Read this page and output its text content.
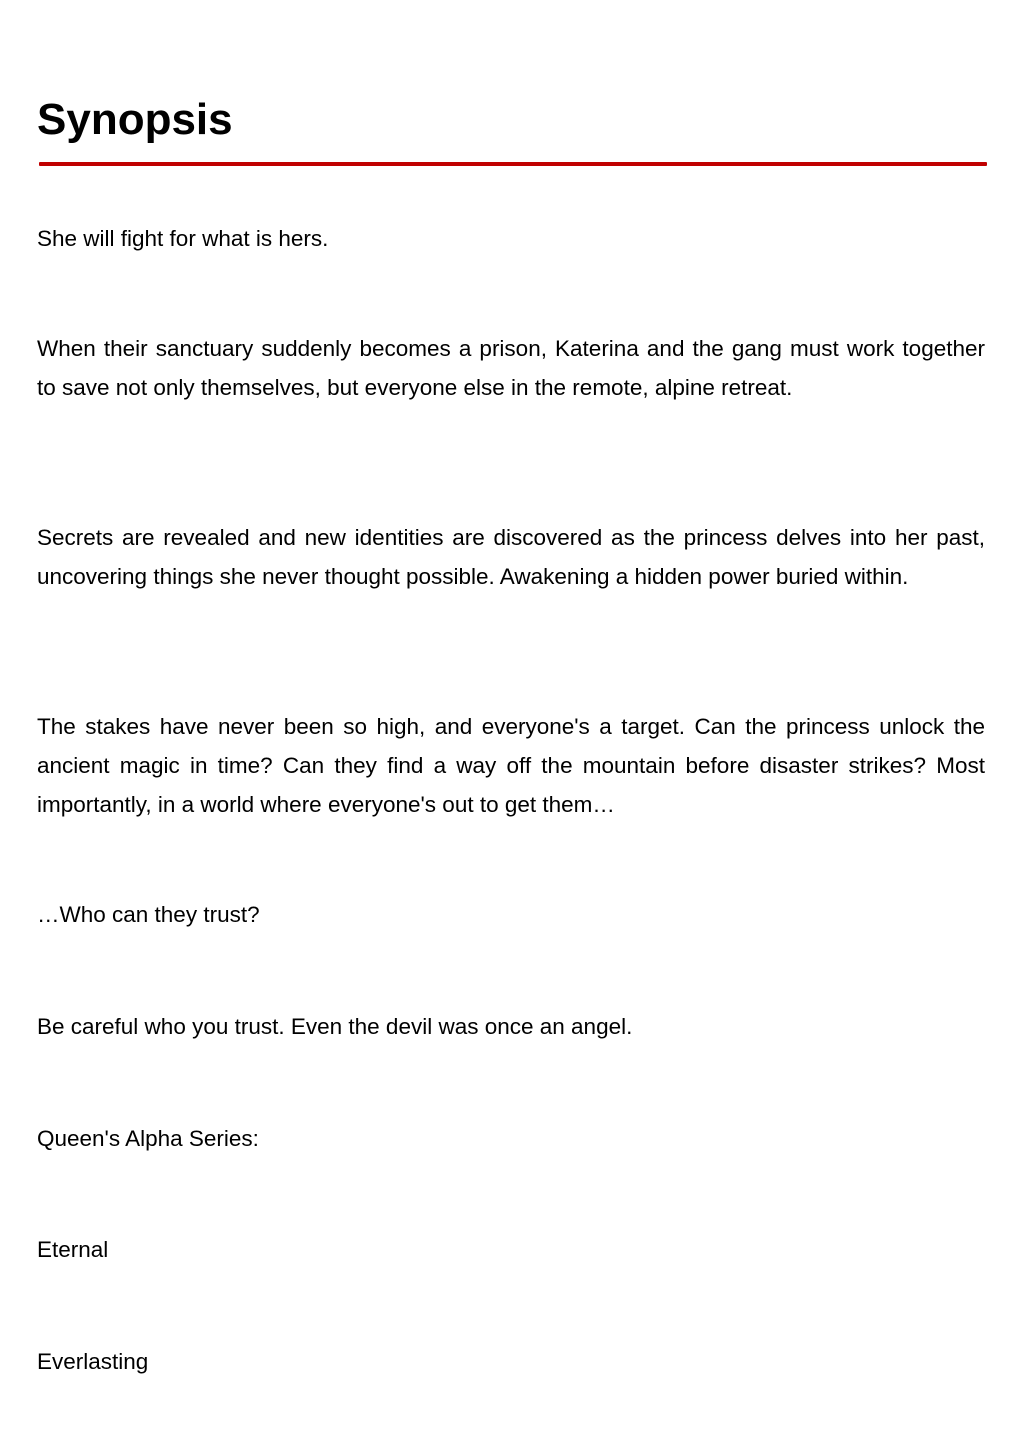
Synopsis

She will fight for what is hers.

When their sanctuary suddenly becomes a prison, Katerina and the gang must work together to save not only themselves, but everyone else in the remote, alpine retreat.

Secrets are revealed and new identities are discovered as the princess delves into her past, uncovering things she never thought possible. Awakening a hidden power buried within.

The stakes have never been so high, and everyone's a target. Can the princess unlock the ancient magic in time? Can they find a way off the mountain before disaster strikes? Most importantly, in a world where everyone's out to get them…

…Who can they trust?

Be careful who you trust. Even the devil was once an angel.

Queen's Alpha Series:

Eternal

Everlasting
